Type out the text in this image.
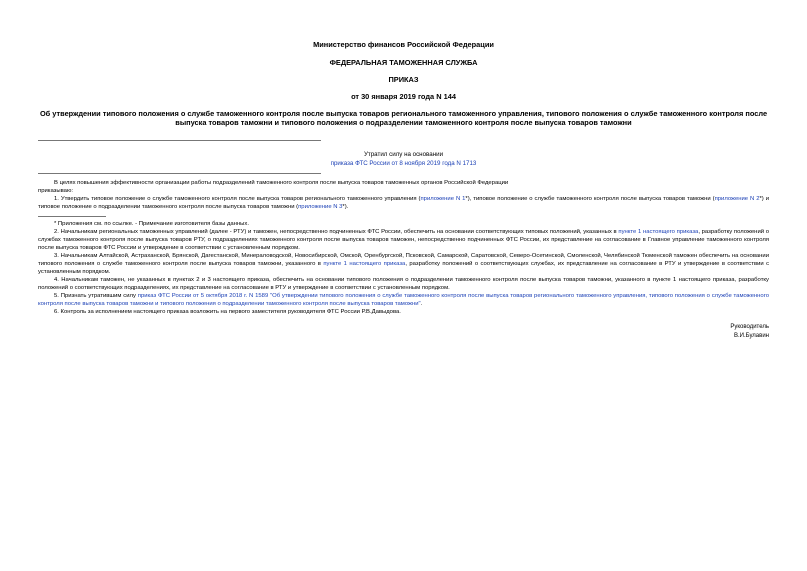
Министерство финансов Российской Федерации
ФЕДЕРАЛЬНАЯ ТАМОЖЕННАЯ СЛУЖБА
ПРИКАЗ
от 30 января 2019 года N 144
Об утверждении типового положения о службе таможенного контроля после выпуска товаров регионального таможенного управления, типового положения о службе таможенного контроля после выпуска товаров таможни и типового положения о подразделении таможенного контроля после выпуска товаров таможни
Утратил силу на основании
приказа ФТС России от 8 ноября 2019 года N 1713

В целях повышения эффективности организации работы подразделений таможенного контроля после выпуска товаров таможенных органов Российской Федерации

приказываю:

1. Утвердить типовое положение о службе таможенного контроля после выпуска товаров регионального таможенного управления (приложение N 1*), типовое положение о службе таможенного контроля после выпуска товаров таможни (приложение N 2*) и типовое положение о подразделении таможенного контроля после выпуска товаров таможни (приложение N 3*).

* Приложения см. по ссылке. - Примечание изготовителя базы данных.

2. Начальникам региональных таможенных управлений (далее - РТУ) и таможен, непосредственно подчиненных ФТС России, обеспечить на основании соответствующих типовых положений, указанных в пункте 1 настоящего приказа, разработку положений о службах таможенного контроля после выпуска товаров РТУ, о подразделениях таможенного контроля после выпуска товаров таможен, непосредственно подчиненных ФТС России, их представление на согласование в Главное управление таможенного контроля после выпуска товаров ФТС России и утверждение в соответствии с установленным порядком.

3. Начальникам Алтайской, Астраханской, Брянской, Дагестанской, Минераловодской, Новосибирской, Омской, Оренбургской, Псковской, Самарской, Саратовской, Северо-Осетинской, Смоленской, Челябинской Тюменской таможен обеспечить на основании типового положения о службе таможенного контроля после выпуска товаров таможни, указанного в пункте 1 настоящего приказа, разработку положений о соответствующих службах, их представление на согласование в РТУ и утверждение в соответствии с установленным порядком.

4. Начальникам таможен, не указанных в пунктах 2 и 3 настоящего приказа, обеспечить на основании типового положения о подразделении таможенного контроля после выпуска товаров таможни, указанного в пункте 1 настоящего приказа, разработку положений о соответствующих подразделениях, их представление на согласование в РТУ и утверждение в соответствии с установленным порядком.

5. Признать утратившим силу приказ ФТС России от 5 октября 2018 г. N 1589 "Об утверждении типового положения о службе таможенного контроля после выпуска товаров регионального таможенного управления, типового положения о службе таможенного контроля после выпуска товаров таможни и типового положения о подразделении таможенного контроля после выпуска товаров таможни".

6. Контроль за исполнением настоящего приказа возложить на первого заместителя руководителя ФТС России Р.В.Давыдова.

Руководитель
В.И.Булавин
